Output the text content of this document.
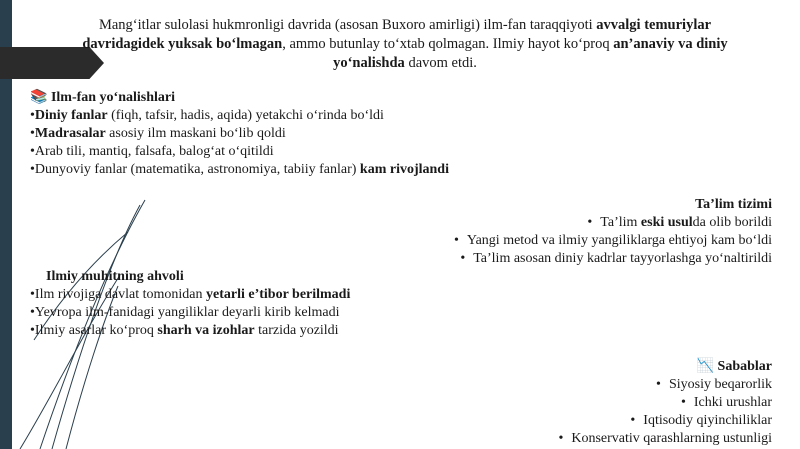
Mang‘itlar sulolasi hukmronligi davrida (asosan Buxoro amirligi) ilm-fan taraqqiyoti avvalgi temuriylar davridagidek yuksak bo‘lmagan, ammo butunlay to‘xtab qolmagan. Ilmiy hayot ko‘proq an’anaviy va diniy yo‘nalishda davom etdi.
📚 Ilm-fan yo‘nalishlari
•Diniy fanlar (fiqh, tafsir, hadis, aqida) yetakchi o‘rinda bo‘ldi
•Madrasalar asosiy ilm maskani bo‘lib qoldi
•Arab tili, mantiq, falsafa, balog‘at o‘qitildi
•Dunyoviy fanlar (matematika, astronomiya, tabiiy fanlar) kam rivojlandi
Ta’lim tizimi
• Ta’lim eski usulda olib borildi
• Yangi metod va ilmiy yangiliklarga ehtiyoj kam bo‘ldi
• Ta’lim asosan diniy kadrlar tayyorlashga yo‘naltirildi
Ilmiy muhitning ahvoli
•Ilm rivojiga davlat tomonidan yetarli e’tibor berilmadi
•Yevropa ilm-fanidagi yangiliklar deyarli kirib kelmadi
•Ilmiy asarlar ko‘proq sharh va izohlar tarzida yozildi
📉 Sabablar
• Siyosiy beqarorlik
• Ichki urushlar
• Iqtisodiy qiyinchiliklar
• Konservativ qarashlarning ustunligi
